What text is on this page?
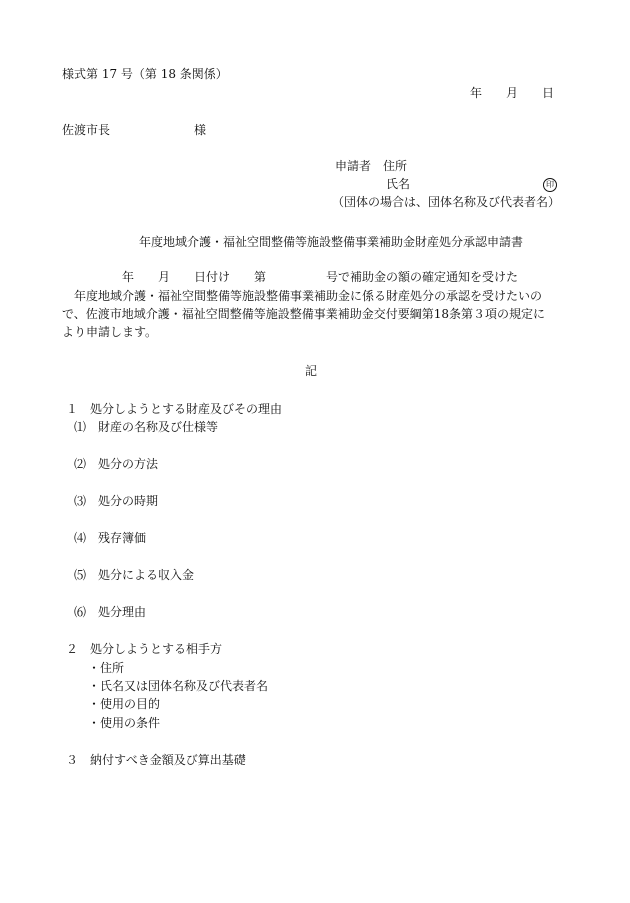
様式第 17 号（第 18 条関係）
年　　月　　日
佐渡市長　　　　　　　様
申請者　住所
氏名	印
（団体の場合は、団体名称及び代表者名）
年度地域介護・福祉空間整備等施設整備事業補助金財産処分承認申請書
　　　　　年　　月　　日付け　　第　　　　　号で補助金の額の確定通知を受けた
　年度地域介護・福祉空間整備等施設整備事業補助金に係る財産処分の承認を受けたいの
で、佐渡市地域介護・福祉空間整備等施設整備事業補助金交付要綱第18条第３項の規定に
より申請します。
記
１　処分しようとする財産及びその理由
⑴　財産の名称及び仕様等
⑵　処分の方法
⑶　処分の時期
⑷　残存簿価
⑸　処分による収入金
⑹　処分理由
２　処分しようとする相手方
・住所
・氏名又は団体名称及び代表者名
・使用の目的
・使用の条件
３　納付すべき金額及び算出基礎
